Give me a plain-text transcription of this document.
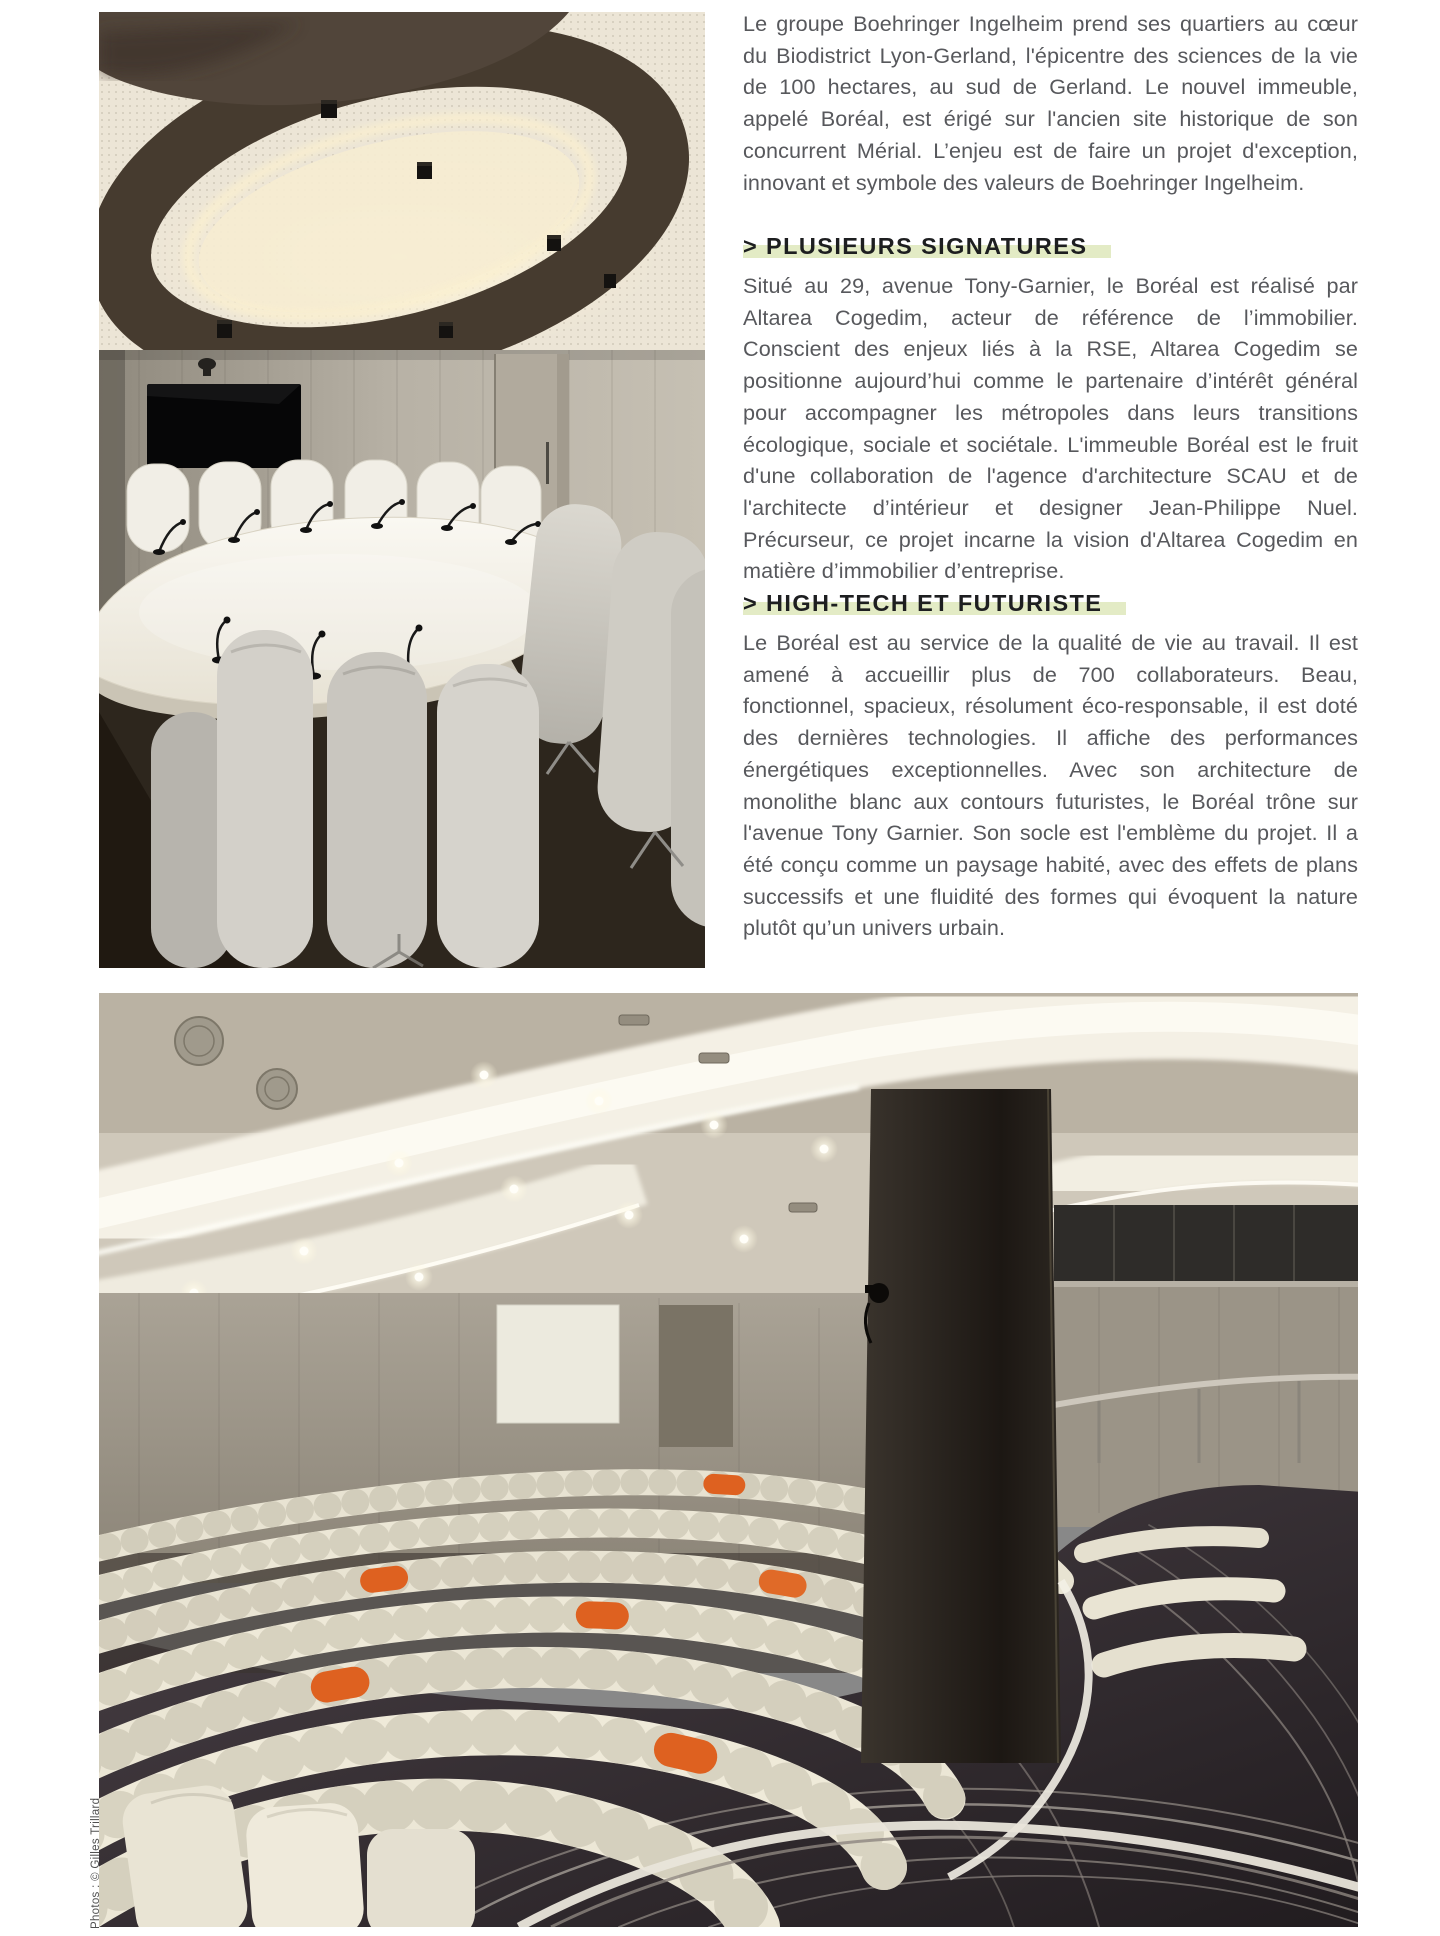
Le groupe Boehringer Ingelheim prend ses quartiers au cœur du Biodistrict Lyon-Gerland, l'épicentre des sciences de la vie de 100 hectares, au sud de Gerland. Le nouvel immeuble, appelé Boréal, est érigé sur l'ancien site historique de son concurrent Mérial. L’enjeu est de faire un projet d'exception, innovant et symbole des valeurs de Boehringer Ingelheim.

> PLUSIEURS SIGNATURES

Situé au 29, avenue Tony-Garnier, le Boréal est réalisé par Altarea Cogedim, acteur de référence de l’immobilier. Conscient des enjeux liés à la RSE, Altarea Cogedim se positionne aujourd’hui comme le partenaire d’intérêt général pour accompagner les métropoles dans leurs transitions écologique, sociale et sociétale. L'immeuble Boréal est le fruit d'une collaboration de l'agence d'architecture SCAU et de l'architecte d’intérieur et designer Jean-Philippe Nuel. Précurseur, ce projet incarne la vision d'Altarea Cogedim en matière d’immobilier d’entreprise.

> HIGH-TECH ET FUTURISTE

Le Boréal est au service de la qualité de vie au travail. Il est amené à accueillir plus de 700 collaborateurs. Beau, fonctionnel, spacieux, résolument éco-responsable, il est doté des dernières technologies. Il affiche des performances énergétiques exceptionnelles. Avec son architecture de monolithe blanc aux contours futuristes, le Boréal trône sur l'avenue Tony Garnier. Son socle est l'emblème du projet. Il a été conçu comme un paysage habité, avec des effets de plans successifs et une fluidité des formes qui évoquent la nature plutôt qu’un univers urbain.

Photos : © Gilles Trillard
